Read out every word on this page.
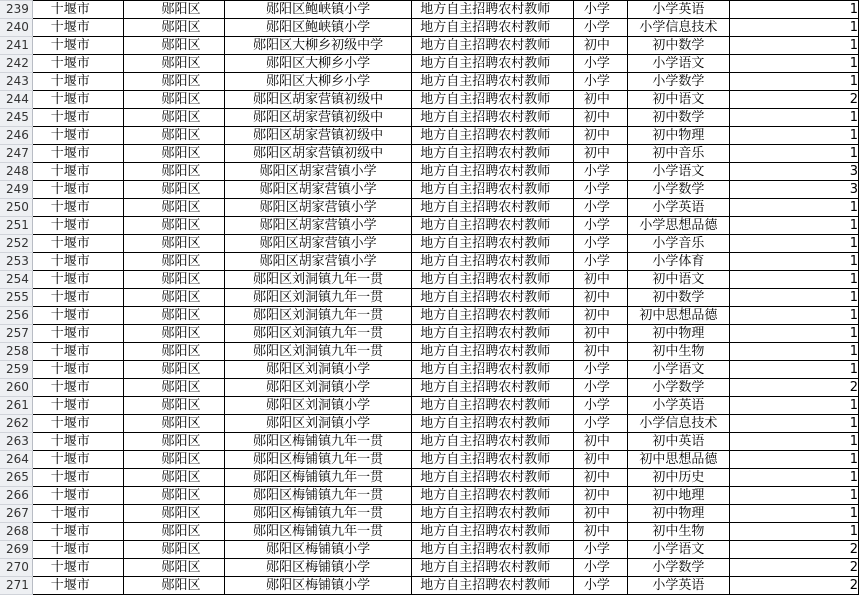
239	十堰市	郧阳区	郧阳区鲍峡镇小学	地方自主招聘农村教师	小学	小学英语	1
240	十堰市	郧阳区	郧阳区鲍峡镇小学	地方自主招聘农村教师	小学	小学信息技术	1
241	十堰市	郧阳区	郧阳区大柳乡初级中学	地方自主招聘农村教师	初中	初中数学	1
242	十堰市	郧阳区	郧阳区大柳乡小学	地方自主招聘农村教师	小学	小学语文	1
243	十堰市	郧阳区	郧阳区大柳乡小学	地方自主招聘农村教师	小学	小学数学	1
244	十堰市	郧阳区	郧阳区胡家营镇初级中	地方自主招聘农村教师	初中	初中语文	2
245	十堰市	郧阳区	郧阳区胡家营镇初级中	地方自主招聘农村教师	初中	初中数学	1
246	十堰市	郧阳区	郧阳区胡家营镇初级中	地方自主招聘农村教师	初中	初中物理	1
247	十堰市	郧阳区	郧阳区胡家营镇初级中	地方自主招聘农村教师	初中	初中音乐	1
248	十堰市	郧阳区	郧阳区胡家营镇小学	地方自主招聘农村教师	小学	小学语文	3
249	十堰市	郧阳区	郧阳区胡家营镇小学	地方自主招聘农村教师	小学	小学数学	3
250	十堰市	郧阳区	郧阳区胡家营镇小学	地方自主招聘农村教师	小学	小学英语	1
251	十堰市	郧阳区	郧阳区胡家营镇小学	地方自主招聘农村教师	小学	小学思想品德	1
252	十堰市	郧阳区	郧阳区胡家营镇小学	地方自主招聘农村教师	小学	小学音乐	1
253	十堰市	郧阳区	郧阳区胡家营镇小学	地方自主招聘农村教师	小学	小学体育	1
254	十堰市	郧阳区	郧阳区刘洞镇九年一贯	地方自主招聘农村教师	初中	初中语文	1
255	十堰市	郧阳区	郧阳区刘洞镇九年一贯	地方自主招聘农村教师	初中	初中数学	1
256	十堰市	郧阳区	郧阳区刘洞镇九年一贯	地方自主招聘农村教师	初中	初中思想品德	1
257	十堰市	郧阳区	郧阳区刘洞镇九年一贯	地方自主招聘农村教师	初中	初中物理	1
258	十堰市	郧阳区	郧阳区刘洞镇九年一贯	地方自主招聘农村教师	初中	初中生物	1
259	十堰市	郧阳区	郧阳区刘洞镇小学	地方自主招聘农村教师	小学	小学语文	1
260	十堰市	郧阳区	郧阳区刘洞镇小学	地方自主招聘农村教师	小学	小学数学	2
261	十堰市	郧阳区	郧阳区刘洞镇小学	地方自主招聘农村教师	小学	小学英语	1
262	十堰市	郧阳区	郧阳区刘洞镇小学	地方自主招聘农村教师	小学	小学信息技术	1
263	十堰市	郧阳区	郧阳区梅铺镇九年一贯	地方自主招聘农村教师	初中	初中英语	1
264	十堰市	郧阳区	郧阳区梅铺镇九年一贯	地方自主招聘农村教师	初中	初中思想品德	1
265	十堰市	郧阳区	郧阳区梅铺镇九年一贯	地方自主招聘农村教师	初中	初中历史	1
266	十堰市	郧阳区	郧阳区梅铺镇九年一贯	地方自主招聘农村教师	初中	初中地理	1
267	十堰市	郧阳区	郧阳区梅铺镇九年一贯	地方自主招聘农村教师	初中	初中物理	1
268	十堰市	郧阳区	郧阳区梅铺镇九年一贯	地方自主招聘农村教师	初中	初中生物	1
269	十堰市	郧阳区	郧阳区梅铺镇小学	地方自主招聘农村教师	小学	小学语文	2
270	十堰市	郧阳区	郧阳区梅铺镇小学	地方自主招聘农村教师	小学	小学数学	2
271	十堰市	郧阳区	郧阳区梅铺镇小学	地方自主招聘农村教师	小学	小学英语	2
